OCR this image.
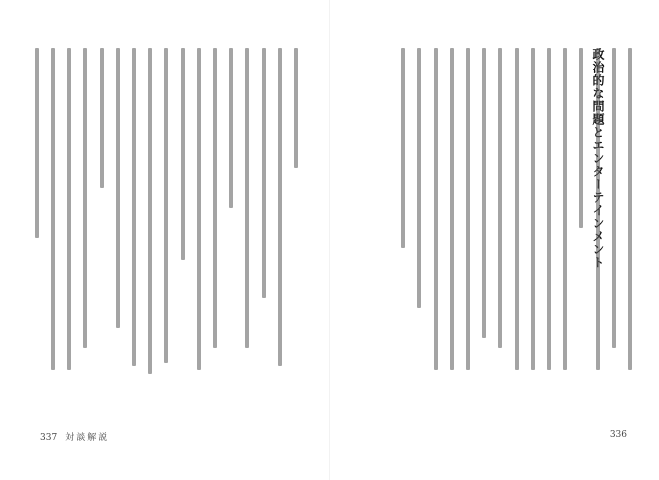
337 対談解説	336
